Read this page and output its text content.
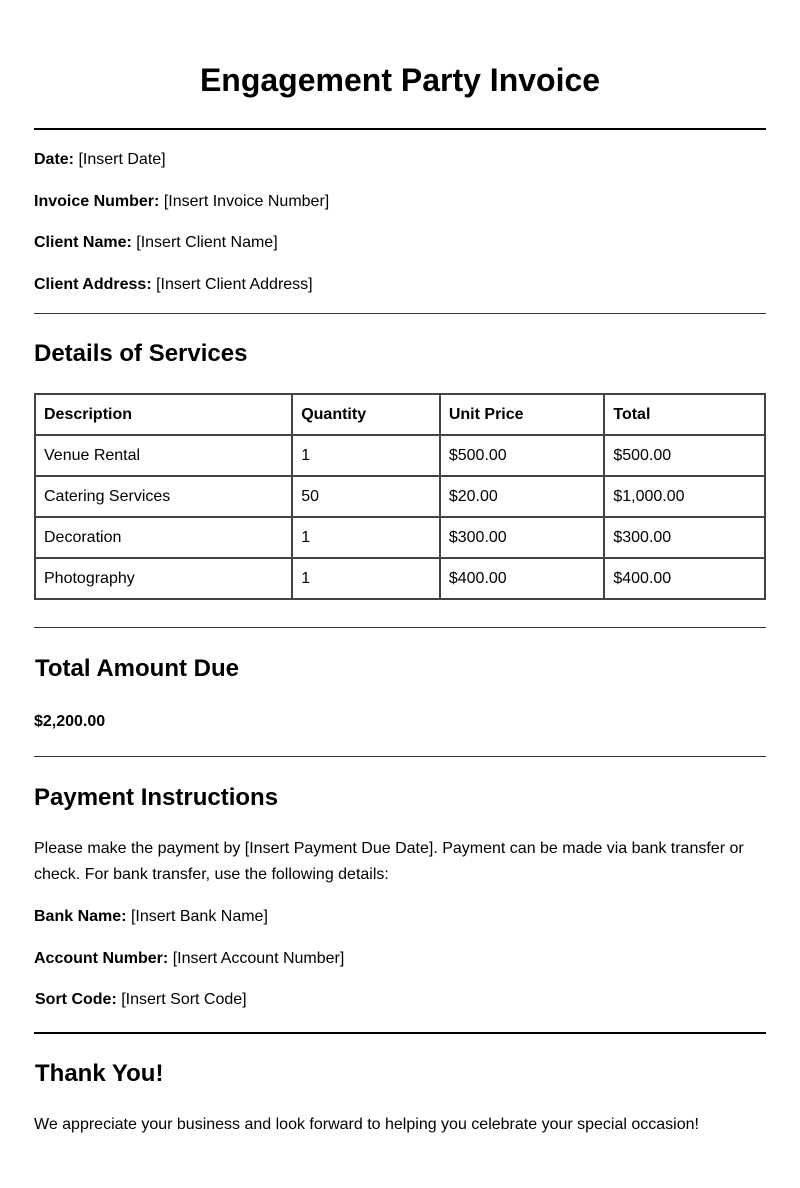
Engagement Party Invoice
Date: [Insert Date]
Invoice Number: [Insert Invoice Number]
Client Name: [Insert Client Name]
Client Address: [Insert Client Address]
Details of Services
Description	Quantity	Unit Price	Total
Venue Rental	1	$500.00	$500.00
Catering Services	50	$20.00	$1,000.00
Decoration	1	$300.00	$300.00
Photography	1	$400.00	$400.00
Total Amount Due
$2,200.00
Payment Instructions

Please make the payment by [Insert Payment Due Date]. Payment can be made via bank transfer or check. For bank transfer, use the following details:

Bank Name: [Insert Bank Name]
Account Number: [Insert Account Number]
Sort Code: [Insert Sort Code]
Thank You!

We appreciate your business and look forward to helping you celebrate your special occasion!
